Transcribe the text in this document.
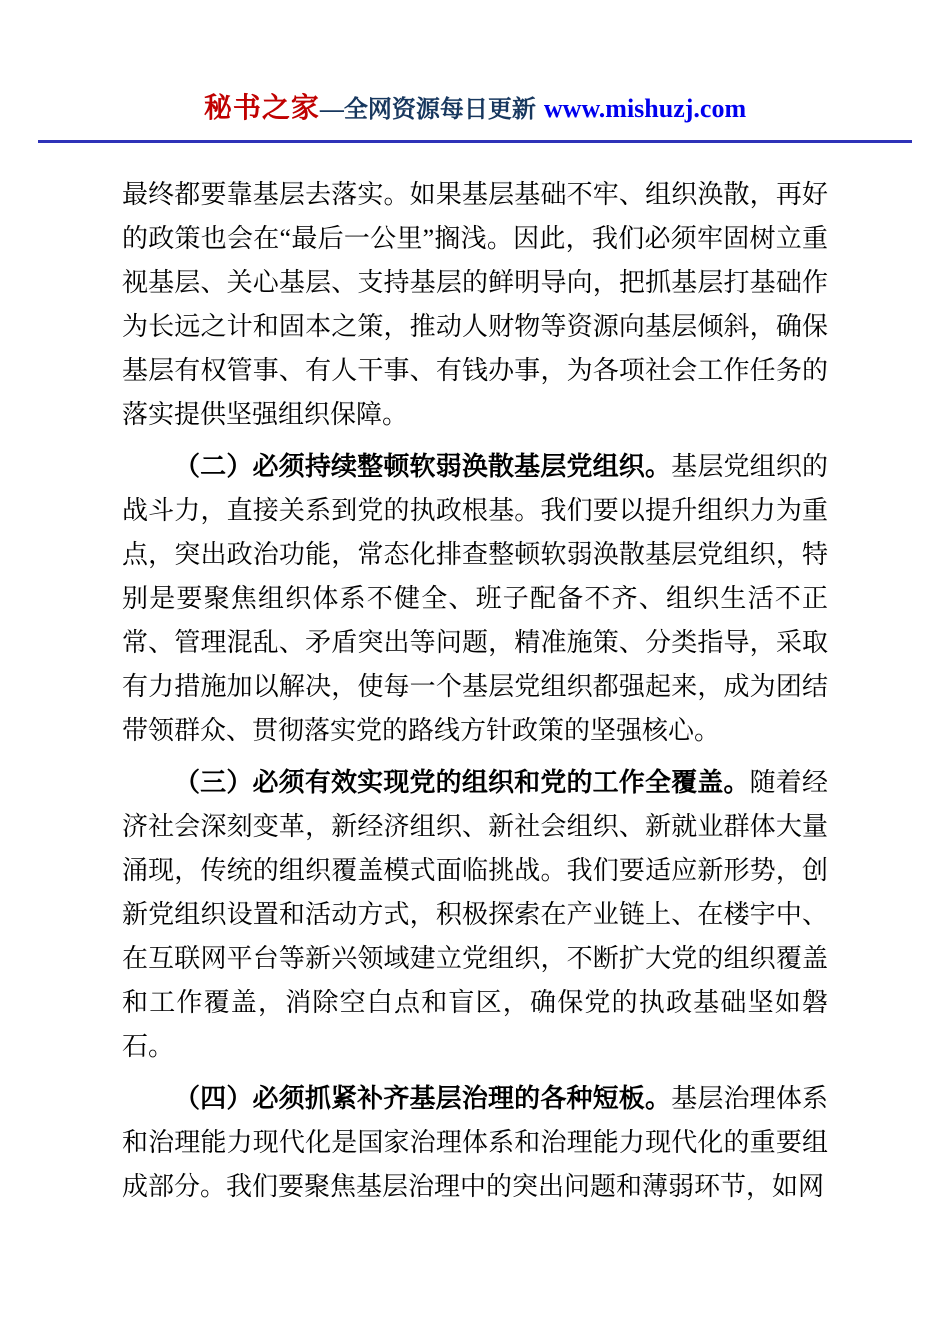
秘书之家—全网资源每日更新 www.mishuzj.com

最终都要靠基层去落实。如果基层基础不牢、组织涣散，再好的政策也会在“最后一公里”搁浅。因此，我们必须牢固树立重视基层、关心基层、支持基层的鲜明导向，把抓基层打基础作为长远之计和固本之策，推动人财物等资源向基层倾斜，确保基层有权管事、有人干事、有钱办事，为各项社会工作任务的落实提供坚强组织保障。

（二）必须持续整顿软弱涣散基层党组织。基层党组织的战斗力，直接关系到党的执政根基。我们要以提升组织力为重点，突出政治功能，常态化排查整顿软弱涣散基层党组织，特别是要聚焦组织体系不健全、班子配备不齐、组织生活不正常、管理混乱、矛盾突出等问题，精准施策、分类指导，采取有力措施加以解决，使每一个基层党组织都强起来，成为团结带领群众、贯彻落实党的路线方针政策的坚强核心。

（三）必须有效实现党的组织和党的工作全覆盖。随着经济社会深刻变革，新经济组织、新社会组织、新就业群体大量涌现，传统的组织覆盖模式面临挑战。我们要适应新形势，创新党组织设置和活动方式，积极探索在产业链上、在楼宇中、在互联网平台等新兴领域建立党组织，不断扩大党的组织覆盖和工作覆盖，消除空白点和盲区，确保党的执政基础坚如磐石。

（四）必须抓紧补齐基层治理的各种短板。基层治理体系和治理能力现代化是国家治理体系和治理能力现代化的重要组成部分。我们要聚焦基层治理中的突出问题和薄弱环节，如网
